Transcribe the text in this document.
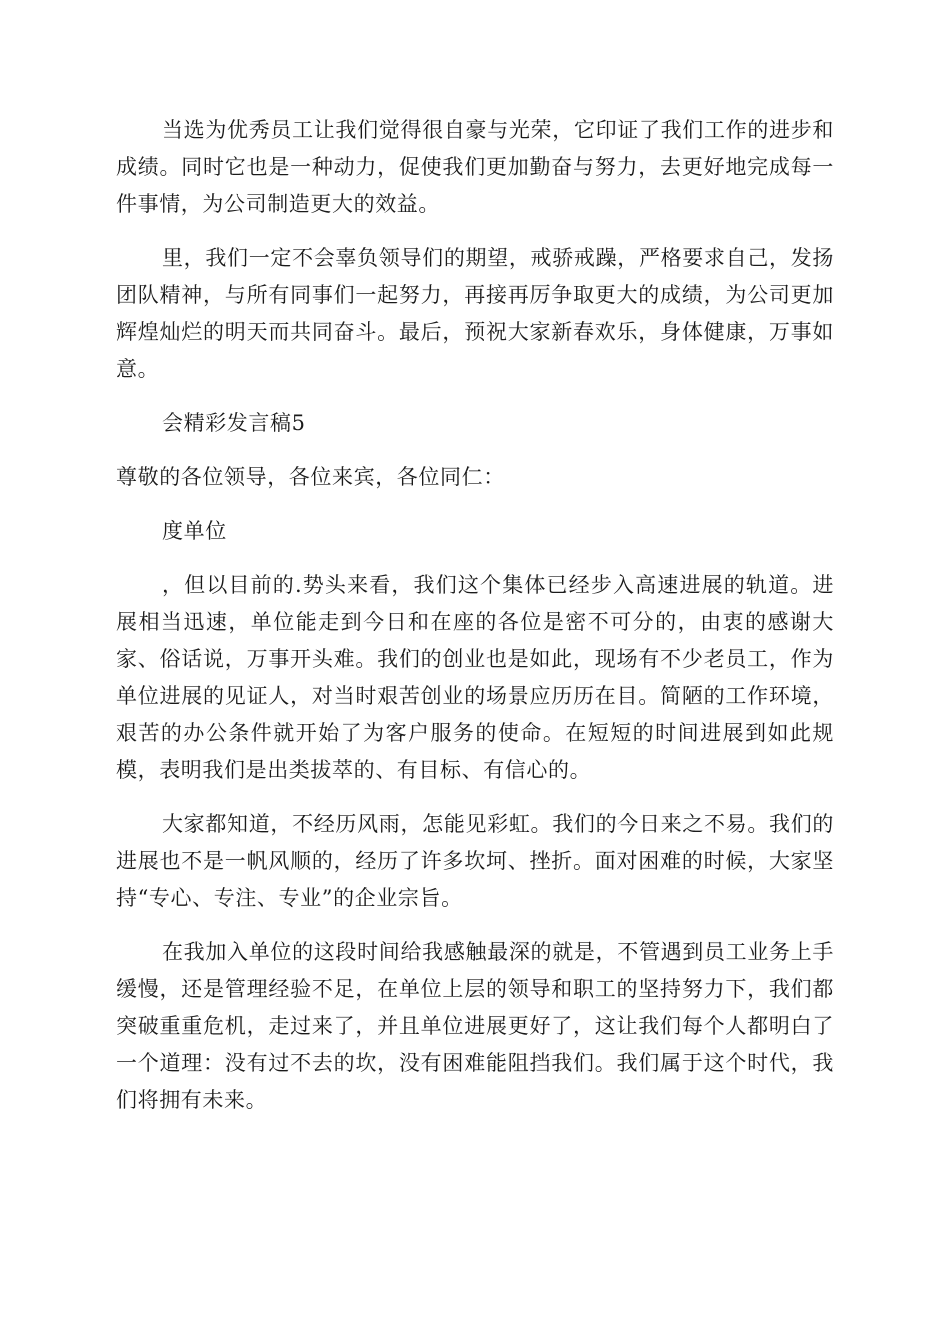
当选为优秀员工让我们觉得很自豪与光荣，它印证了我们工作的进步和成绩。同时它也是一种动力，促使我们更加勤奋与努力，去更好地完成每一件事情，为公司制造更大的效益。

里，我们一定不会辜负领导们的期望，戒骄戒躁，严格要求自己，发扬团队精神，与所有同事们一起努力，再接再厉争取更大的成绩，为公司更加辉煌灿烂的明天而共同奋斗。最后，预祝大家新春欢乐，身体健康，万事如意。

会精彩发言稿5

尊敬的各位领导，各位来宾，各位同仁：

度单位

，但以目前的.势头来看，我们这个集体已经步入高速进展的轨道。进展相当迅速，单位能走到今日和在座的各位是密不可分的，由衷的感谢大家、俗话说，万事开头难。我们的创业也是如此，现场有不少老员工，作为单位进展的见证人，对当时艰苦创业的场景应历历在目。简陋的工作环境，艰苦的办公条件就开始了为客户服务的使命。在短短的时间进展到如此规模，表明我们是出类拔萃的、有目标、有信心的。

大家都知道，不经历风雨，怎能见彩虹。我们的今日来之不易。我们的进展也不是一帆风顺的，经历了许多坎坷、挫折。面对困难的时候，大家坚持“专心、专注、专业”的企业宗旨。

在我加入单位的这段时间给我感触最深的就是，不管遇到员工业务上手缓慢，还是管理经验不足，在单位上层的领导和职工的坚持努力下，我们都突破重重危机，走过来了，并且单位进展更好了，这让我们每个人都明白了一个道理：没有过不去的坎，没有困难能阻挡我们。我们属于这个时代，我们将拥有未来。
